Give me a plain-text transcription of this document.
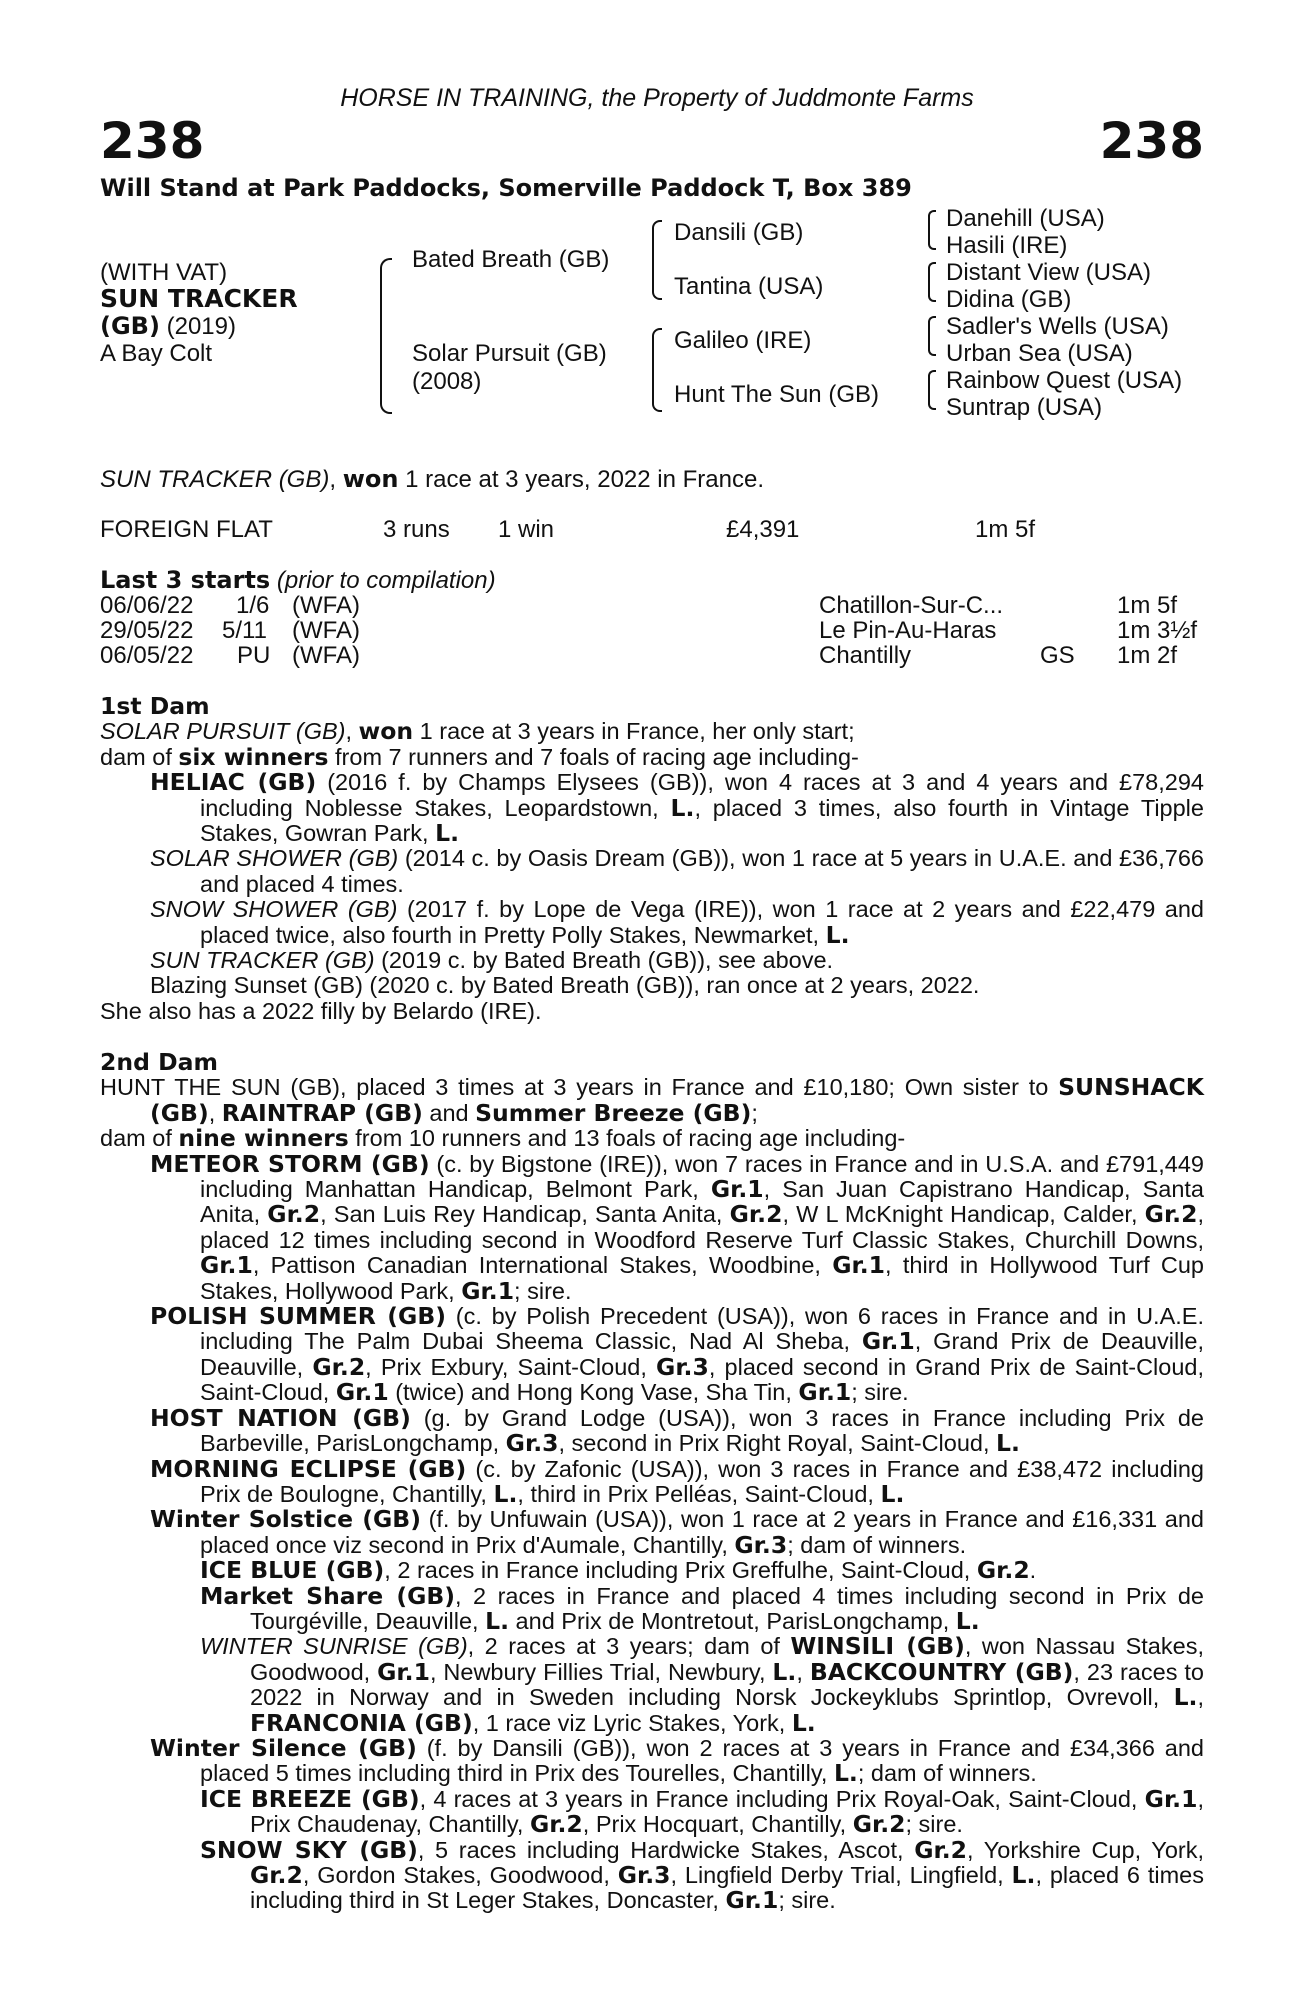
HORSE IN TRAINING, the Property of Juddmonte Farms
238	238
Will Stand at Park Paddocks, Somerville Paddock T, Box 389
(WITH VAT)
SUN TRACKER
(GB) (2019)
A Bay Colt
Bated Breath (GB)
Solar Pursuit (GB)
(2008)
Dansili (GB)
Tantina (USA)
Galileo (IRE)
Hunt The Sun (GB)
Danehill (USA)
Hasili (IRE)
Distant View (USA)
Didina (GB)
Sadler's Wells (USA)
Urban Sea (USA)
Rainbow Quest (USA)
Suntrap (USA)
SUN TRACKER (GB), won 1 race at 3 years, 2022 in France.
FOREIGN FLAT	3 runs 1 win	£4,391	1m 5f
Last 3 starts (prior to compilation)
06/06/22 1/6 (WFA)	Chatillon-Sur-C...	1m 5f
29/05/22 5/11 (WFA)	Le Pin-Au-Haras	1m 3½f
06/05/22 PU (WFA)	Chantilly	GS 1m 2f

1st Dam

SOLAR PURSUIT (GB), won 1 race at 3 years in France, her only start;

dam of six winners from 7 runners and 7 foals of racing age including-

HELIAC (GB) (2016 f. by Champs Elysees (GB)), won 4 races at 3 and 4 years and £78,294 including Noblesse Stakes, Leopardstown, L., placed 3 times, also fourth in Vintage Tipple Stakes, Gowran Park, L.

SOLAR SHOWER (GB) (2014 c. by Oasis Dream (GB)), won 1 race at 5 years in U.A.E. and £36,766 and placed 4 times.

SNOW SHOWER (GB) (2017 f. by Lope de Vega (IRE)), won 1 race at 2 years and £22,479 and placed twice, also fourth in Pretty Polly Stakes, Newmarket, L.

SUN TRACKER (GB) (2019 c. by Bated Breath (GB)), see above.

Blazing Sunset (GB) (2020 c. by Bated Breath (GB)), ran once at 2 years, 2022.

She also has a 2022 filly by Belardo (IRE).

2nd Dam

HUNT THE SUN (GB), placed 3 times at 3 years in France and £10,180; Own sister to SUNSHACK (GB), RAINTRAP (GB) and Summer Breeze (GB);

dam of nine winners from 10 runners and 13 foals of racing age including-

METEOR STORM (GB) (c. by Bigstone (IRE)), won 7 races in France and in U.S.A. and £791,449 including Manhattan Handicap, Belmont Park, Gr.1, San Juan Capistrano Handicap, Santa Anita, Gr.2, San Luis Rey Handicap, Santa Anita, Gr.2, W L McKnight Handicap, Calder, Gr.2, placed 12 times including second in Woodford Reserve Turf Classic Stakes, Churchill Downs, Gr.1, Pattison Canadian International Stakes, Woodbine, Gr.1, third in Hollywood Turf Cup Stakes, Hollywood Park, Gr.1; sire.

POLISH SUMMER (GB) (c. by Polish Precedent (USA)), won 6 races in France and in U.A.E. including The Palm Dubai Sheema Classic, Nad Al Sheba, Gr.1, Grand Prix de Deauville, Deauville, Gr.2, Prix Exbury, Saint-Cloud, Gr.3, placed second in Grand Prix de Saint-Cloud, Saint-Cloud, Gr.1 (twice) and Hong Kong Vase, Sha Tin, Gr.1; sire.

HOST NATION (GB) (g. by Grand Lodge (USA)), won 3 races in France including Prix de Barbeville, ParisLongchamp, Gr.3, second in Prix Right Royal, Saint-Cloud, L.

MORNING ECLIPSE (GB) (c. by Zafonic (USA)), won 3 races in France and £38,472 including Prix de Boulogne, Chantilly, L., third in Prix Pelléas, Saint-Cloud, L.

Winter Solstice (GB) (f. by Unfuwain (USA)), won 1 race at 2 years in France and £16,331 and placed once viz second in Prix d'Aumale, Chantilly, Gr.3; dam of winners.

ICE BLUE (GB), 2 races in France including Prix Greffulhe, Saint-Cloud, Gr.2.

Market Share (GB), 2 races in France and placed 4 times including second in Prix de Tourgéville, Deauville, L. and Prix de Montretout, ParisLongchamp, L.

WINTER SUNRISE (GB), 2 races at 3 years; dam of WINSILI (GB), won Nassau Stakes, Goodwood, Gr.1, Newbury Fillies Trial, Newbury, L., BACKCOUNTRY (GB), 23 races to 2022 in Norway and in Sweden including Norsk Jockeyklubs Sprintlop, Ovrevoll, L., FRANCONIA (GB), 1 race viz Lyric Stakes, York, L.

Winter Silence (GB) (f. by Dansili (GB)), won 2 races at 3 years in France and £34,366 and placed 5 times including third in Prix des Tourelles, Chantilly, L.; dam of winners.

ICE BREEZE (GB), 4 races at 3 years in France including Prix Royal-Oak, Saint-Cloud, Gr.1, Prix Chaudenay, Chantilly, Gr.2, Prix Hocquart, Chantilly, Gr.2; sire.

SNOW SKY (GB), 5 races including Hardwicke Stakes, Ascot, Gr.2, Yorkshire Cup, York, Gr.2, Gordon Stakes, Goodwood, Gr.3, Lingfield Derby Trial, Lingfield, L., placed 6 times including third in St Leger Stakes, Doncaster, Gr.1; sire.
